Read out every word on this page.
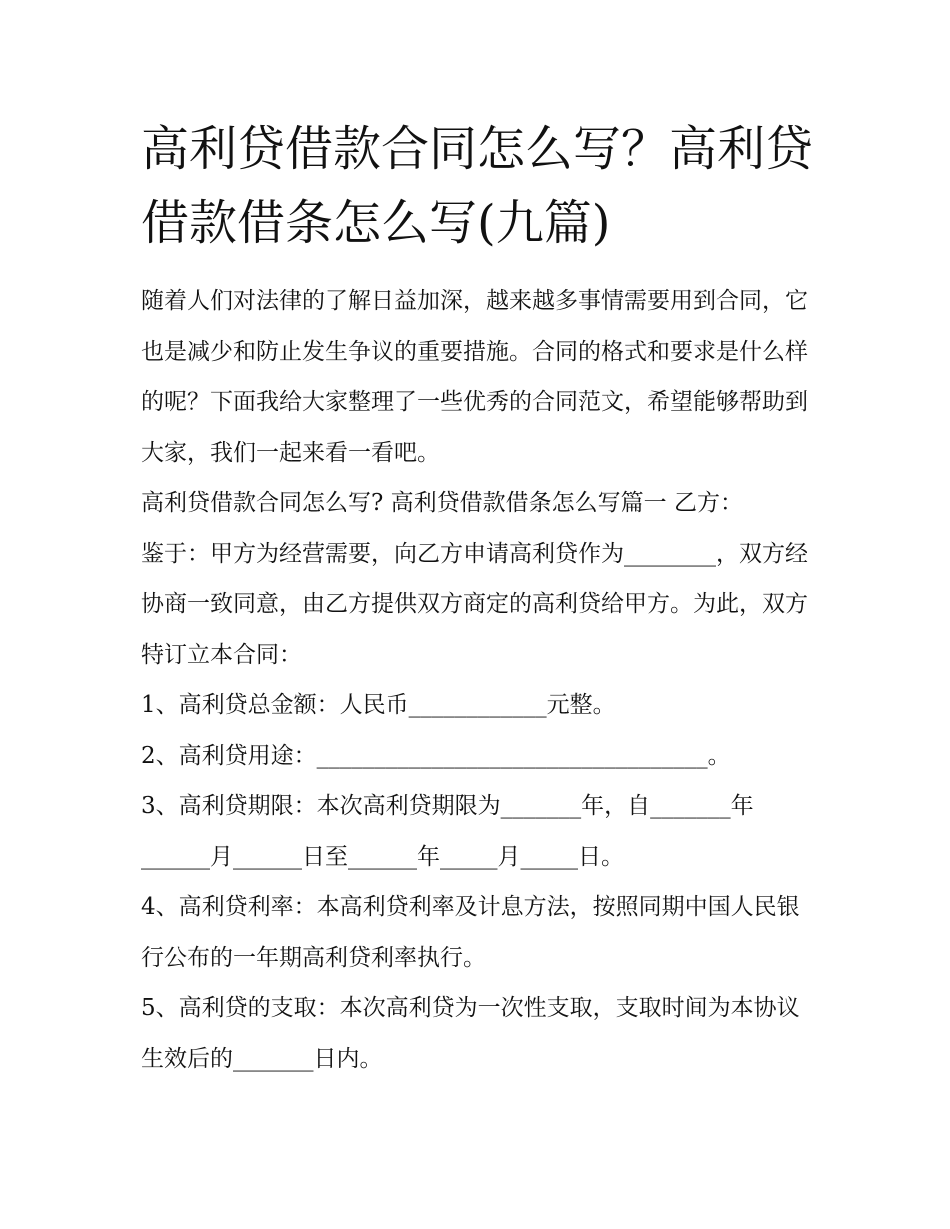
高利贷借款合同怎么写？高利贷借款借条怎么写(九篇)

随着人们对法律的了解日益加深，越来越多事情需要用到合同，它也是减少和防止发生争议的重要措施。合同的格式和要求是什么样的呢？下面我给大家整理了一些优秀的合同范文，希望能够帮助到大家，我们一起来看一看吧。

高利贷借款合同怎么写? 高利贷借款借条怎么写篇一 乙方：

鉴于：甲方为经营需要，向乙方申请高利贷作为________，双方经协商一致同意，由乙方提供双方商定的高利贷给甲方。为此，双方特订立本合同：

1、高利贷总金额：人民币____________元整。

2、高利贷用途：__________________________________。

3、高利贷期限：本次高利贷期限为_______年，自_______年______月______日至______年_____月_____日。

4、高利贷利率：本高利贷利率及计息方法，按照同期中国人民银行公布的一年期高利贷利率执行。

5、高利贷的支取：本次高利贷为一次性支取，支取时间为本协议生效后的_______日内。
